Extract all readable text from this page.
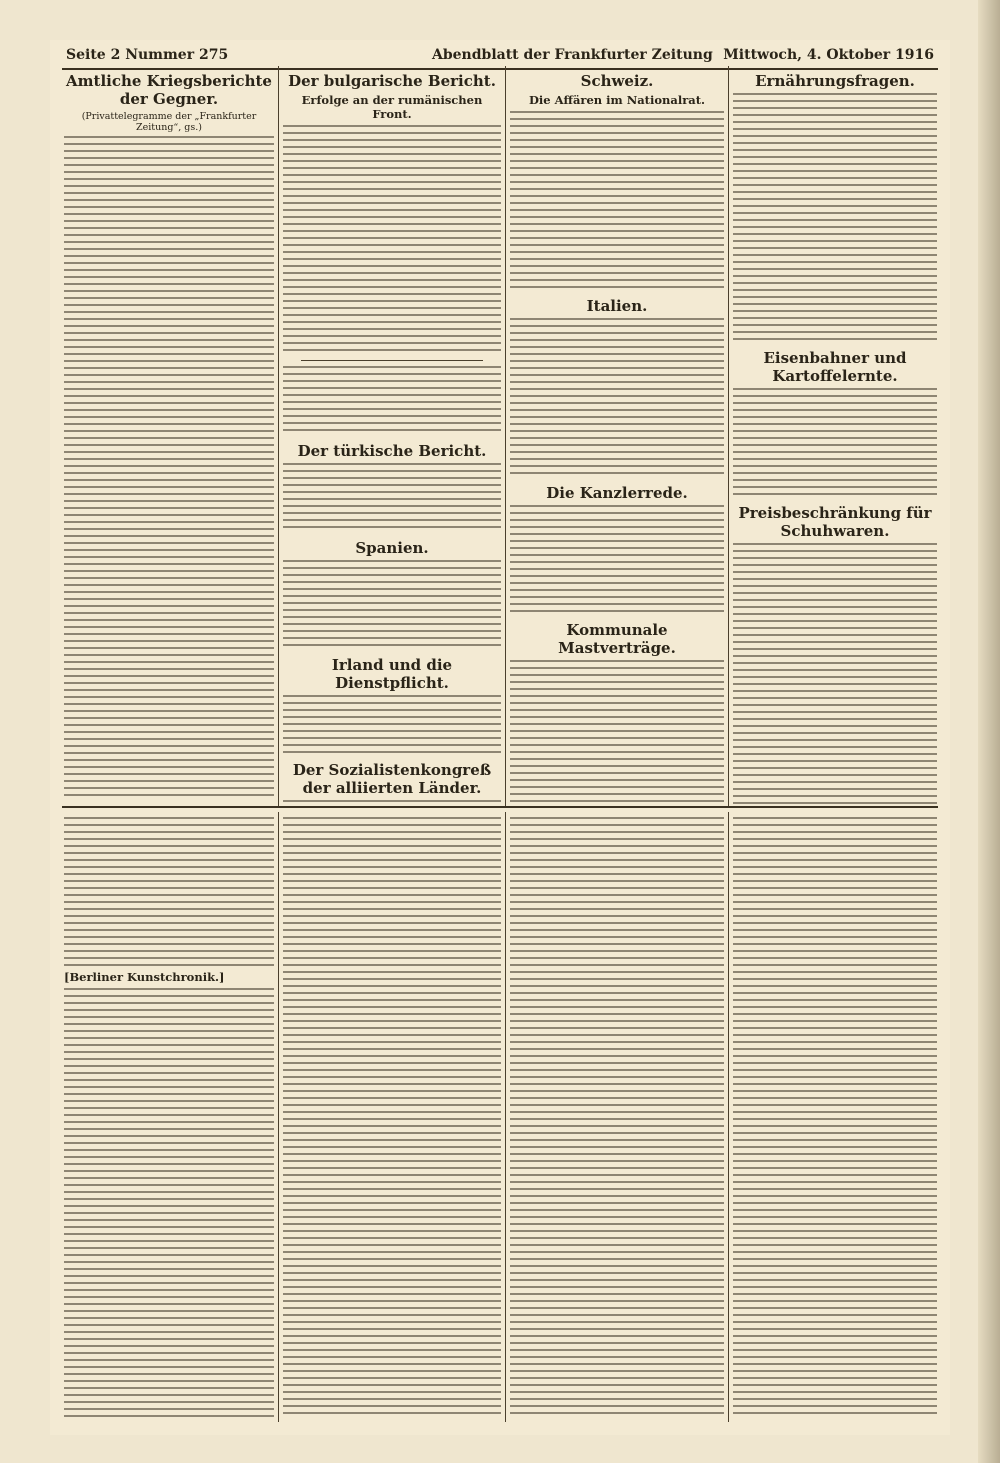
Seite 2 Nummer 275	Abendblatt der Frankfurter Zeitung Mittwoch, 4. Oktober 1916
Amtliche Kriegsberichte der Gegner.
(Privattelegramme der „Frankfurter Zeitung“, gs.)
Der bulgarische Bericht.
Erfolge an der rumänischen Front.
Der türkische Bericht.
Spanien.
Irland und die Dienstpflicht.
Der Sozialistenkongreß der alliierten Länder.
Schweiz.
Die Affären im Nationalrat.
Italien.
Die Kanzlerrede.
Kommunale Mastverträge.
Ernährungsfragen.
Eisenbahner und Kartoffelernte.
Preisbeschränkung für Schuhwaren.
[Berliner Kunstchronik.]
